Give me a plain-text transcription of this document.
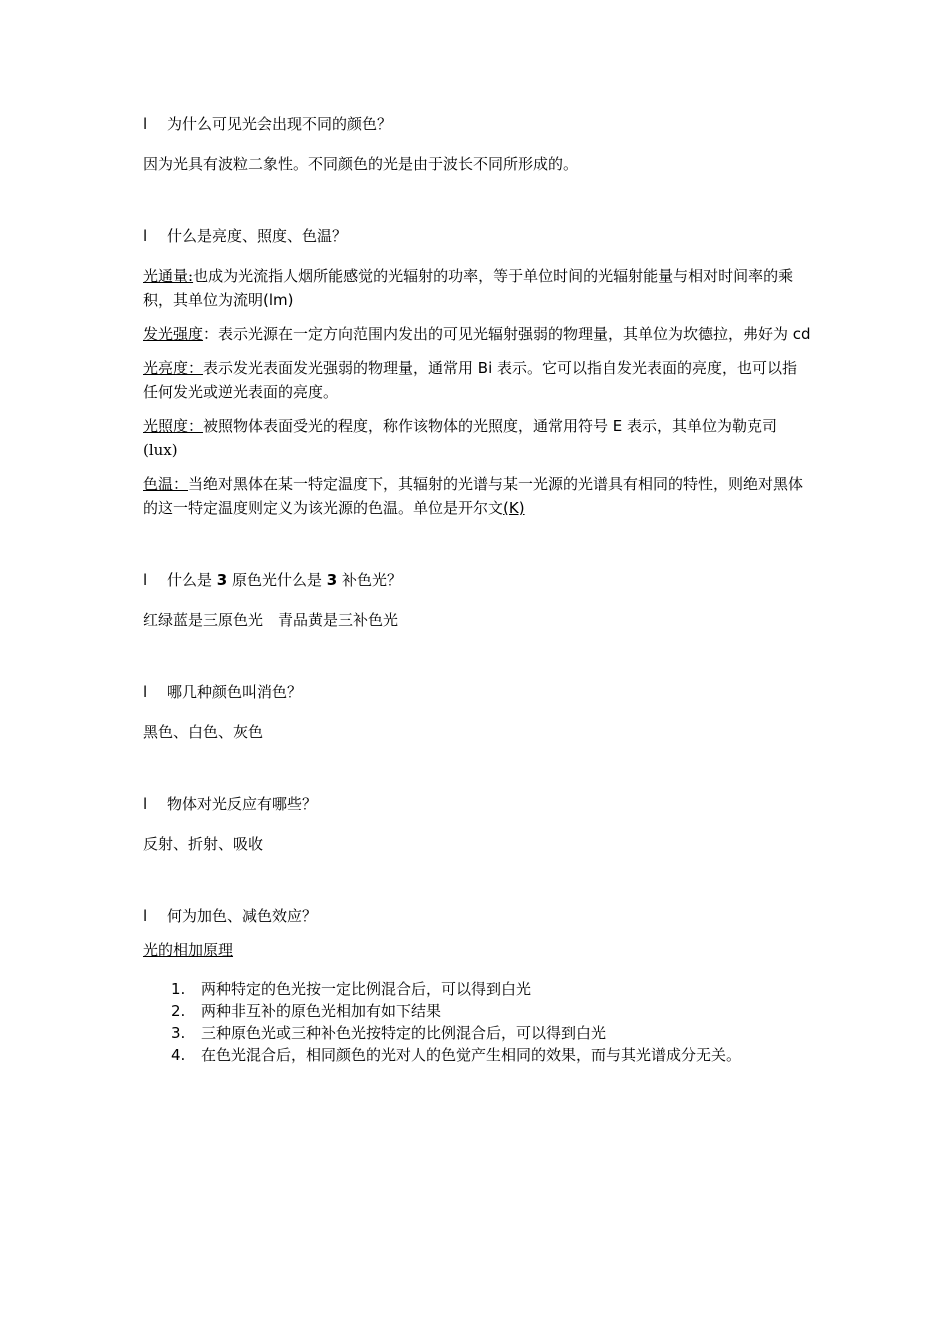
l 为什么可见光会出现不同的颜色？

因为光具有波粒二象性。不同颜色的光是由于波长不同所形成的。

l 什么是亮度、照度、色温？

光通量:也成为光流指人烟所能感觉的光辐射的功率，等于单位时间的光辐射能量与相对时间率的乘积，其单位为流明(lm)

发光强度：表示光源在一定方向范围内发出的可见光辐射强弱的物理量，其单位为坎德拉，弗好为 cd

光亮度：表示发光表面发光强弱的物理量，通常用 Bi 表示。它可以指自发光表面的亮度，也可以指任何发光或逆光表面的亮度。

光照度：被照物体表面受光的程度，称作该物体的光照度，通常用符号 E 表示，其单位为勒克司(lux)

色温：当绝对黑体在某一特定温度下，其辐射的光谱与某一光源的光谱具有相同的特性，则绝对黑体的这一特定温度则定义为该光源的色温。单位是开尔文(K)

l 什么是 3 原色光什么是 3 补色光？

红绿蓝是三原色光　青品黄是三补色光

l 哪几种颜色叫消色？

黑色、白色、灰色

l 物体对光反应有哪些？

反射、折射、吸收

l 何为加色、减色效应？

光的相加原理

1. 两种特定的色光按一定比例混合后，可以得到白光
2. 两种非互补的原色光相加有如下结果
3. 三种原色光或三种补色光按特定的比例混合后，可以得到白光
4. 在色光混合后，相同颜色的光对人的色觉产生相同的效果，而与其光谱成分无关。
